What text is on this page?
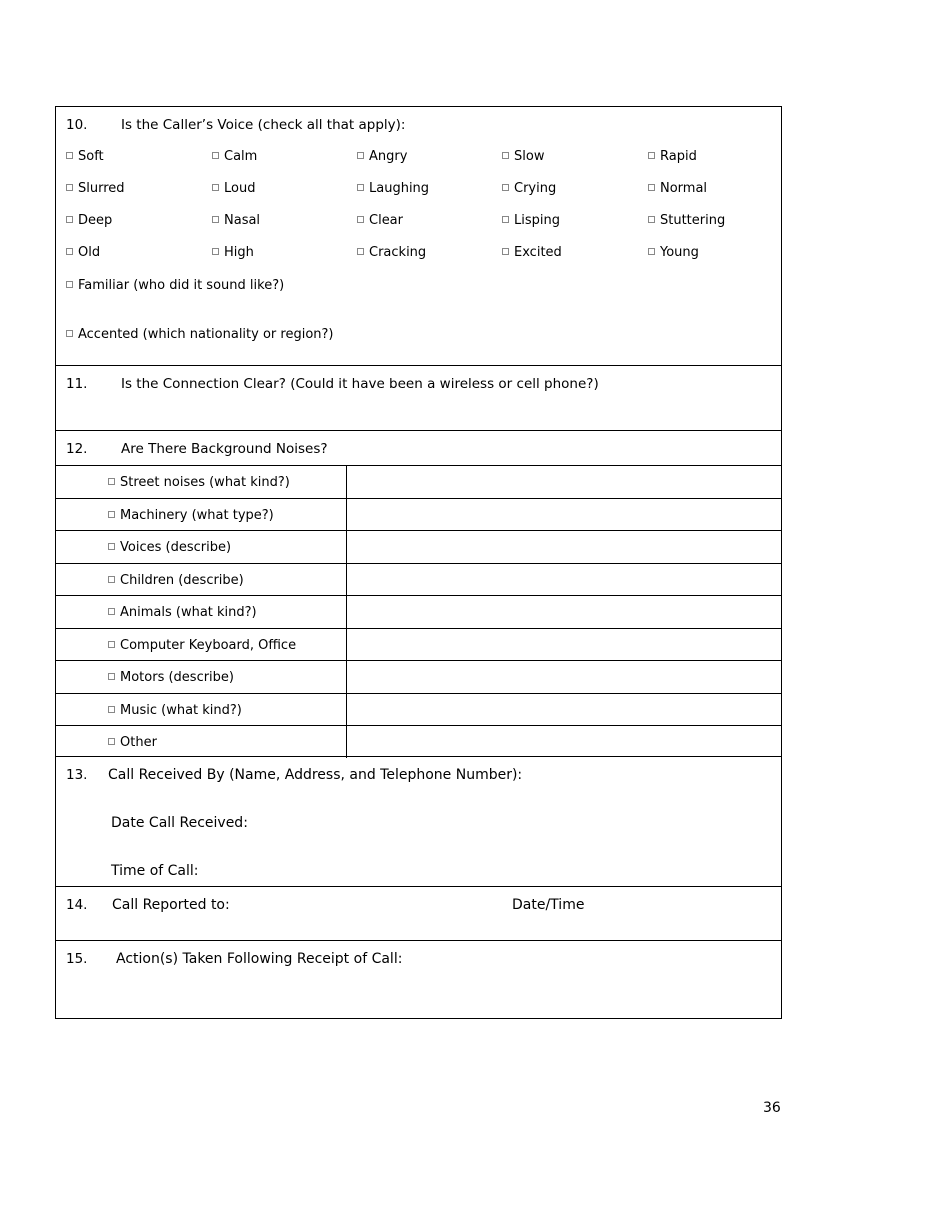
10. Is the Caller’s Voice (check all that apply):
Soft	Calm	Angry	Slow	Rapid
Slurred	Loud	Laughing	Crying	Normal
Deep	Nasal	Clear	Lisping	Stuttering
Old	High	Cracking	Excited	Young
Familiar (who did it sound like?)
Accented (which nationality or region?)
11. Is the Connection Clear? (Could it have been a wireless or cell phone?)
12. Are There Background Noises?
Street noises (what kind?)
Machinery (what type?)
Voices (describe)
Children (describe)
Animals (what kind?)
Computer Keyboard, Office
Motors (describe)
Music (what kind?)
Other
13. Call Received By (Name, Address, and Telephone Number):
Date Call Received:
Time of Call:
14. Call Reported to:	Date/Time
15. Action(s) Taken Following Receipt of Call:
36
